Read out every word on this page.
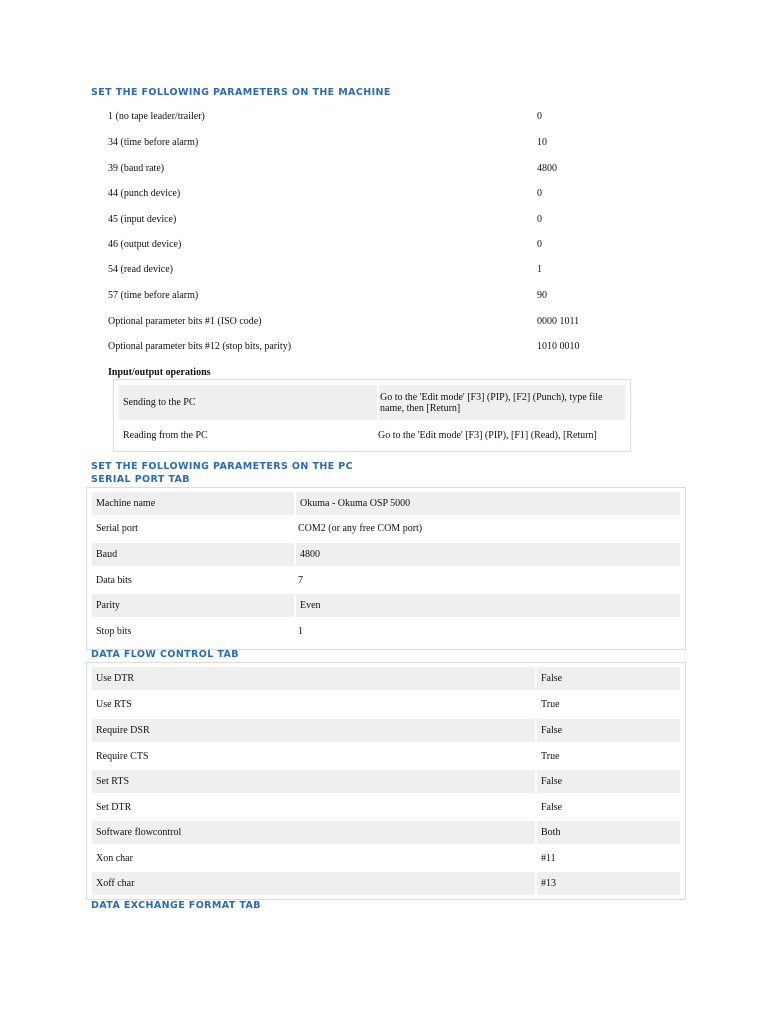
SET THE FOLLOWING PARAMETERS ON THE MACHINE
1 (no tape leader/trailer)	0
34 (time before alarm)	10
39 (baud rate)	4800
44 (punch device)	0
45 (input device)	0
46 (output device)	0
54 (read device)	1
57 (time before alarm)	90
Optional parameter bits #1 (ISO code)	0000 1011
Optional parameter bits #12 (stop bits, parity)	1010 0010
Input/output operations
Sending to the PC	Go to the 'Edit mode' [F3] (PIP), [F2] (Punch), type file name, then [Return]
Reading from the PC	Go to the 'Edit mode' [F3] (PIP), [F1] (Read), [Return]
SET THE FOLLOWING PARAMETERS ON THE PC
SERIAL PORT TAB
Machine name	Okuma - Okuma OSP 5000
Serial port	COM2 (or any free COM port)
Baud	4800
Data bits	7
Parity	Even
Stop bits	1
DATA FLOW CONTROL TAB
Use DTR	False
Use RTS	True
Require DSR	False
Require CTS	True
Set RTS	False
Set DTR	False
Software flowcontrol	Both
Xon char	#11
Xoff char	#13
DATA EXCHANGE FORMAT TAB
